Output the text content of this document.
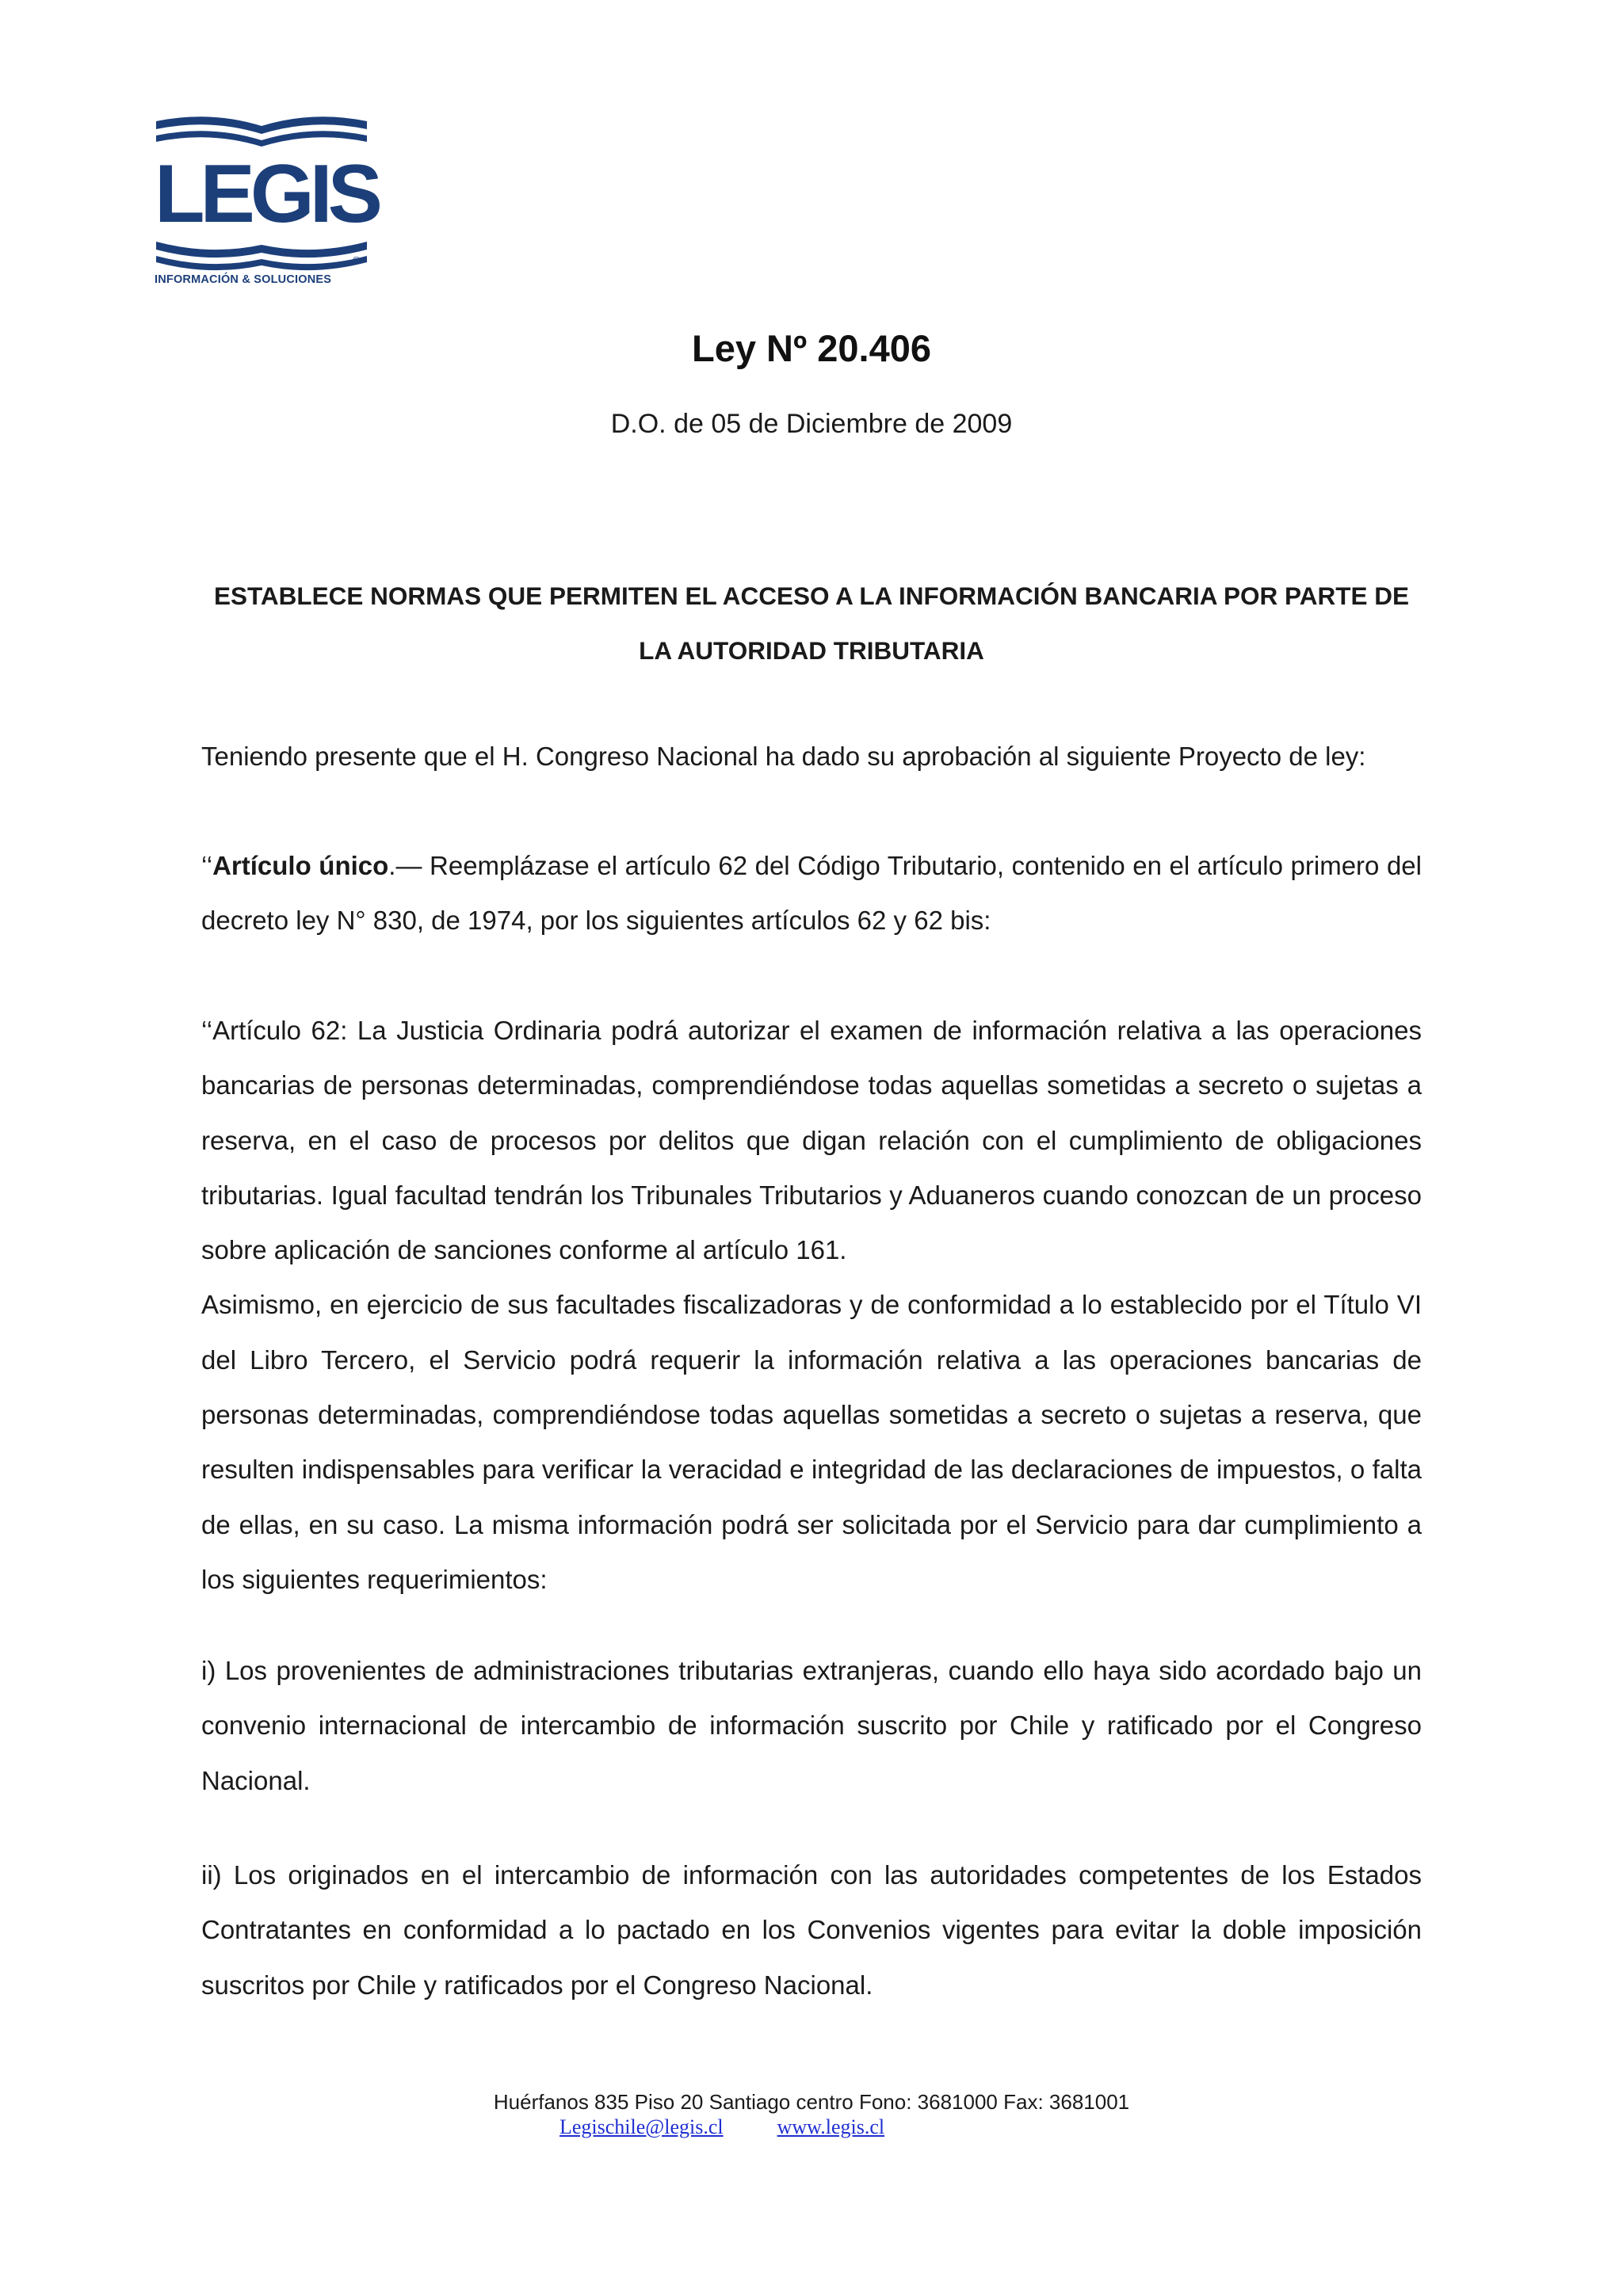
LEGIS
®
INFORMACIÓN & SOLUCIONES
Ley Nº 20.406
D.O. de 05 de Diciembre de 2009
ESTABLECE NORMAS QUE PERMITEN EL ACCESO A LA INFORMACIÓN BANCARIA POR PARTE DE LA AUTORIDAD TRIBUTARIA
Teniendo presente que el H. Congreso Nacional ha dado su aprobación al siguiente Proyecto de ley:
‘‘Artículo único.— Reemplázase el artículo 62 del Código Tributario, contenido en el artículo primero del decreto ley N° 830, de 1974, por los siguientes artículos 62 y 62 bis:
‘‘Artículo 62: La Justicia Ordinaria podrá autorizar el examen de información relativa a las operaciones bancarias de personas determinadas, comprendiéndose todas aquellas sometidas a secreto o sujetas a reserva, en el caso de procesos por delitos que digan relación con el cumplimiento de obligaciones tributarias. Igual facultad tendrán los Tribunales Tributarios y Aduaneros cuando conozcan de un proceso sobre aplicación de sanciones conforme al artículo 161.
Asimismo, en ejercicio de sus facultades fiscalizadoras y de conformidad a lo establecido por el Título VI del Libro Tercero, el Servicio podrá requerir la información relativa a las operaciones bancarias de personas determinadas, comprendiéndose todas aquellas sometidas a secreto o sujetas a reserva, que resulten indispensables para verificar la veracidad e integridad de las declaraciones de impuestos, o falta de ellas, en su caso. La misma información podrá ser solicitada por el Servicio para dar cumplimiento a los siguientes requerimientos:
i) Los provenientes de administraciones tributarias extranjeras, cuando ello haya sido acordado bajo un convenio internacional de intercambio de información suscrito por Chile y ratificado por el Congreso Nacional.
ii) Los originados en el intercambio de información con las autoridades competentes de los Estados Contratantes en conformidad a lo pactado en los Convenios vigentes para evitar la doble imposición suscritos por Chile y ratificados por el Congreso Nacional.
Huérfanos 835 Piso 20 Santiago centro Fono: 3681000 Fax: 3681001
Legischile@legis.cl	www.legis.cl
